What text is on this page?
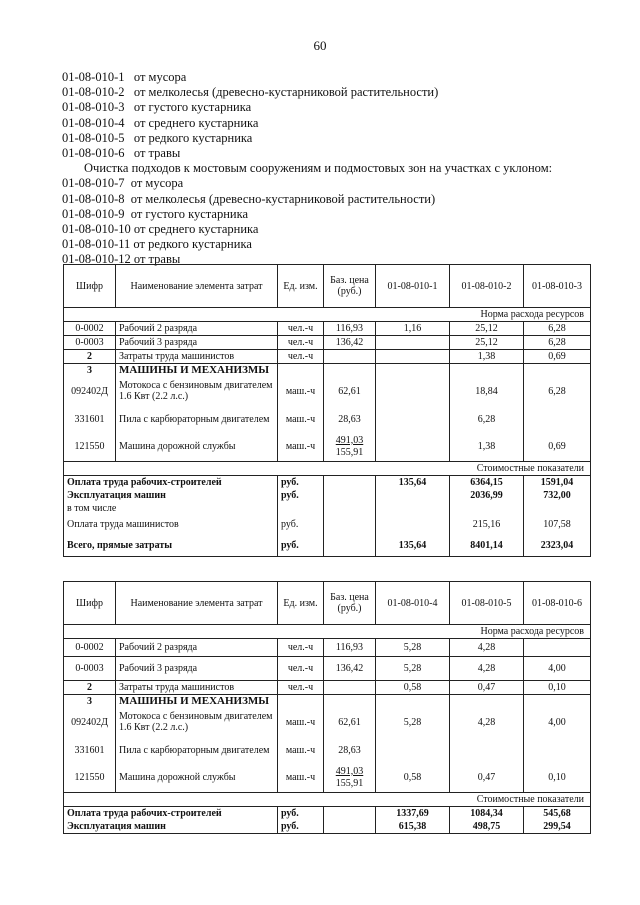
60
01-08-010-1 от мусора
01-08-010-2 от мелколесья (древесно-кустарниковой растительности)
01-08-010-3 от густого кустарника
01-08-010-4 от среднего кустарника
01-08-010-5 от редкого кустарника
01-08-010-6 от травы
Очистка подходов к мостовым сооружениям и подмостовых зон на участках с уклоном:
01-08-010-7 от мусора
01-08-010-8 от мелколесья (древесно-кустарниковой растительности)
01-08-010-9 от густого кустарника
01-08-010-10 от среднего кустарника
01-08-010-11 от редкого кустарника
01-08-010-12 от травы
Шифр	Наименование элемента затрат	Ед. изм.	Баз. цена (руб.)	01-08-010-1	01-08-010-2	01-08-010-3
Норма расхода ресурсов						
0-0002	Рабочий 2 разряда	чел.-ч	116,93	1,16	25,12	6,28
0-0003	Рабочий 3 разряда	чел.-ч	136,42		25,12	6,28
2	Затраты труда машинистов	чел.-ч			1,38	0,69
3	МАШИНЫ И МЕХАНИЗМЫ					
092402Д	Мотокоса с бензиновым двигателем 1.6 Квт (2.2 л.с.)	маш.-ч	62,61		18,84	6,28
331601	Пила с карбюраторным двигателем	маш.-ч	28,63		6,28	
121550	Машина дорожной службы	маш.-ч	$\frac{491,03}{155,91}$		1,38	0,69
Стоимостные показатели						
Оплата труда рабочих-строителей		руб.		135,64	6364,15	1591,04
Эксплуатация машин		руб.			2036,99	732,00
в том числе						
Оплата труда машинистов		руб.			215,16	107,58
Всего, прямые затраты		руб.		135,64	8401,14	2323,04
Шифр	Наименование элемента затрат	Ед. изм.	Баз. цена (руб.)	01-08-010-4	01-08-010-5	01-08-010-6
Норма расхода ресурсов						
0-0002	Рабочий 2 разряда	чел.-ч	116,93	5,28	4,28	
0-0003	Рабочий 3 разряда	чел.-ч	136,42	5,28	4,28	4,00
2	Затраты труда машинистов	чел.-ч		0,58	0,47	0,10
3	МАШИНЫ И МЕХАНИЗМЫ					
092402Д	Мотокоса с бензиновым двигателем 1.6 Квт (2.2 л.с.)	маш.-ч	62,61	5,28	4,28	4,00
331601	Пила с карбюраторным двигателем	маш.-ч	28,63			
121550	Машина дорожной службы	маш.-ч	$\frac{491,03}{155,91}$	0,58	0,47	0,10
Стоимостные показатели						
Оплата труда рабочих-строителей		руб.		1337,69	1084,34	545,68
Эксплуатация машин		руб.		615,38	498,75	299,54
